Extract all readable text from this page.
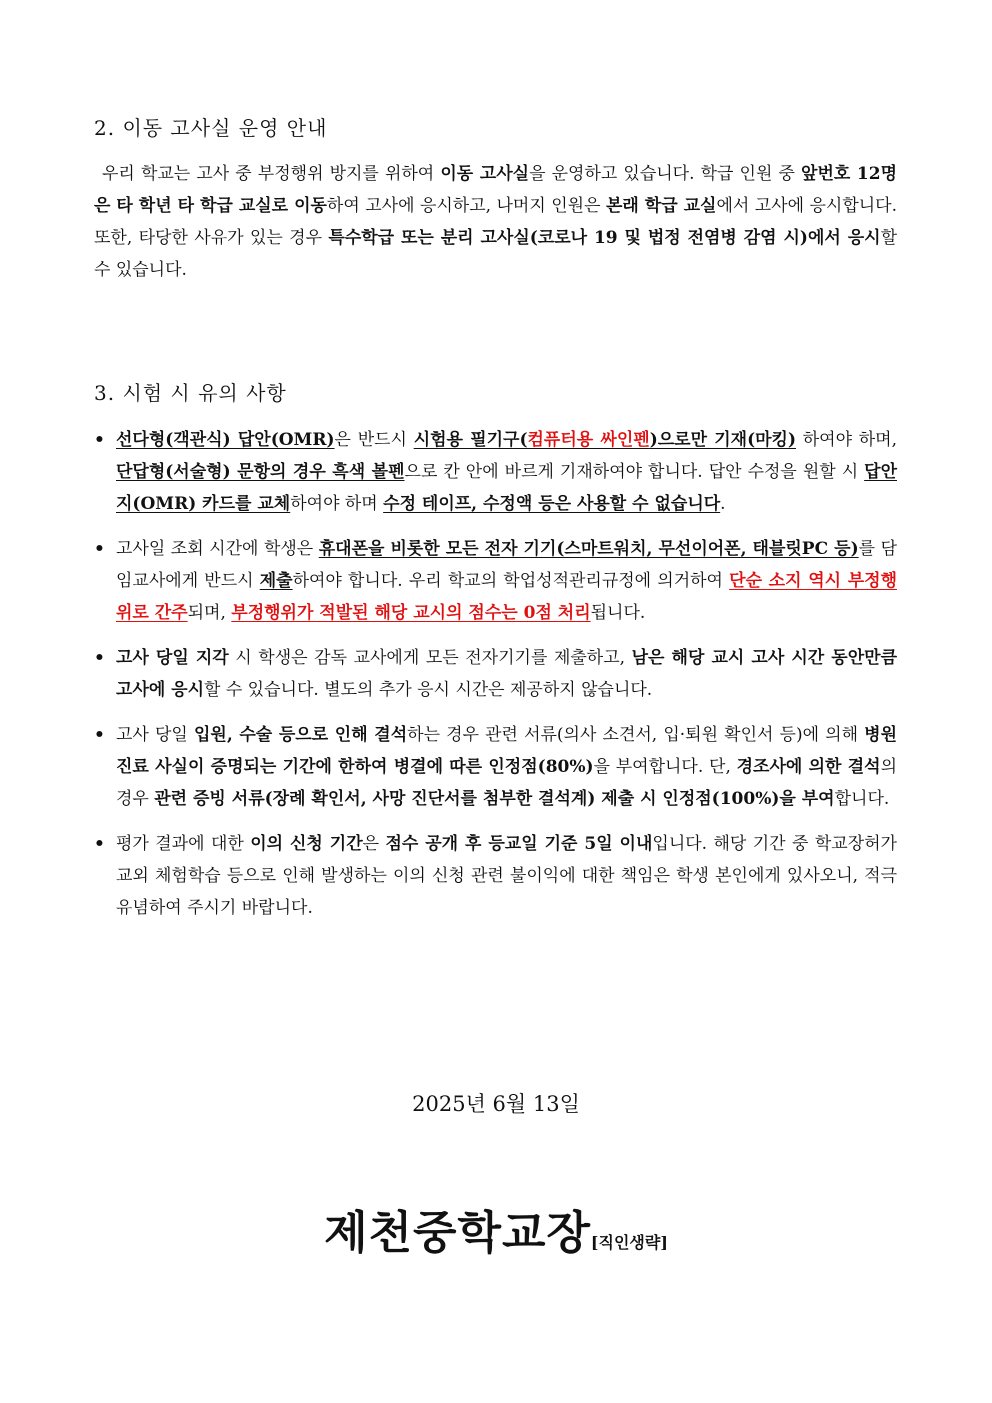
2. 이동 고사실 운영 안내

우리 학교는 고사 중 부정행위 방지를 위하여 이동 고사실을 운영하고 있습니다. 학급 인원 중 앞번호 12명은 타 학년 타 학급 교실로 이동하여 고사에 응시하고, 나머지 인원은 본래 학급 교실에서 고사에 응시합니다. 또한, 타당한 사유가 있는 경우 특수학급 또는 분리 고사실(코로나 19 및 법정 전염병 감염 시)에서 응시할 수 있습니다.

3. 시험 시 유의 사항
• 선다형(객관식) 답안(OMR)은 반드시 시험용 필기구(컴퓨터용 싸인펜)으로만 기재(마킹) 하여야 하며, 단답형(서술형) 문항의 경우 흑색 볼펜으로 칸 안에 바르게 기재하여야 합니다. 답안 수정을 원할 시 답안지(OMR) 카드를 교체하여야 하며 수정 테이프, 수정액 등은 사용할 수 없습니다.
• 고사일 조회 시간에 학생은 휴대폰을 비롯한 모든 전자 기기(스마트워치, 무선이어폰, 태블릿PC 등)를 담임교사에게 반드시 제출하여야 합니다. 우리 학교의 학업성적관리규정에 의거하여 단순 소지 역시 부정행위로 간주되며, 부정행위가 적발된 해당 교시의 점수는 0점 처리됩니다.
• 고사 당일 지각 시 학생은 감독 교사에게 모든 전자기기를 제출하고, 남은 해당 교시 고사 시간 동안만큼 고사에 응시할 수 있습니다. 별도의 추가 응시 시간은 제공하지 않습니다.
• 고사 당일 입원, 수술 등으로 인해 결석하는 경우 관련 서류(의사 소견서, 입·퇴원 확인서 등)에 의해 병원 진료 사실이 증명되는 기간에 한하여 병결에 따른 인정점(80%)을 부여합니다. 단, 경조사에 의한 결석의 경우 관련 증빙 서류(장례 확인서, 사망 진단서를 첨부한 결석계) 제출 시 인정점(100%)을 부여합니다.
• 평가 결과에 대한 이의 신청 기간은 점수 공개 후 등교일 기준 5일 이내입니다. 해당 기간 중 학교장허가 교외 체험학습 등으로 인해 발생하는 이의 신청 관련 불이익에 대한 책임은 학생 본인에게 있사오니, 적극 유념하여 주시기 바랍니다.

2025년 6월 13일

제천중학교장[직인생략]
